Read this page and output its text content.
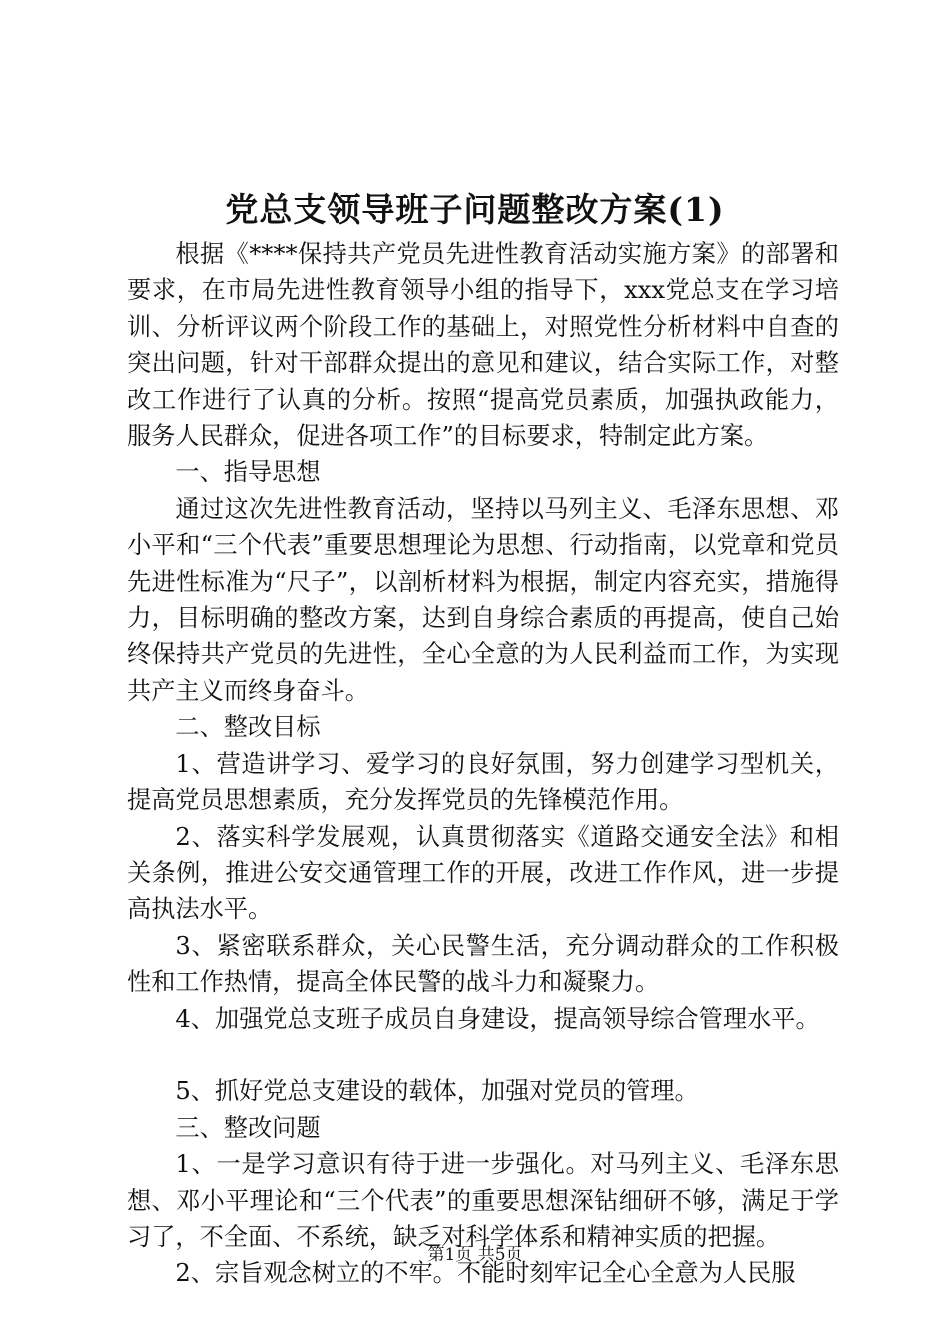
党总支领导班子问题整改方案(1)

根据《****保持共产党员先进性教育活动实施方案》的部署和要求，在市局先进性教育领导小组的指导下，xxx党总支在学习培训、分析评议两个阶段工作的基础上，对照党性分析材料中自查的突出问题，针对干部群众提出的意见和建议，结合实际工作，对整改工作进行了认真的分析。按照“提高党员素质，加强执政能力，服务人民群众，促进各项工作”的目标要求，特制定此方案。

一、指导思想

通过这次先进性教育活动，坚持以马列主义、毛泽东思想、邓小平和“三个代表”重要思想理论为思想、行动指南，以党章和党员先进性标准为“尺子”，以剖析材料为根据，制定内容充实，措施得力，目标明确的整改方案，达到自身综合素质的再提高，使自己始终保持共产党员的先进性，全心全意的为人民利益而工作，为实现共产主义而终身奋斗。

二、整改目标

1、营造讲学习、爱学习的良好氛围，努力创建学习型机关，提高党员思想素质，充分发挥党员的先锋模范作用。

2、落实科学发展观，认真贯彻落实《道路交通安全法》和相关条例，推进公安交通管理工作的开展，改进工作作风，进一步提高执法水平。

3、紧密联系群众，关心民警生活，充分调动群众的工作积极性和工作热情，提高全体民警的战斗力和凝聚力。

4、加强党总支班子成员自身建设，提高领导综合管理水平。

5、抓好党总支建设的载体，加强对党员的管理。

三、整改问题

1、一是学习意识有待于进一步强化。对马列主义、毛泽东思想、邓小平理论和“三个代表”的重要思想深钻细研不够，满足于学习了，不全面、不系统，缺乏对科学体系和精神实质的把握。

2、宗旨观念树立的不牢。不能时刻牢记全心全意为人民服

第1页 共5页
